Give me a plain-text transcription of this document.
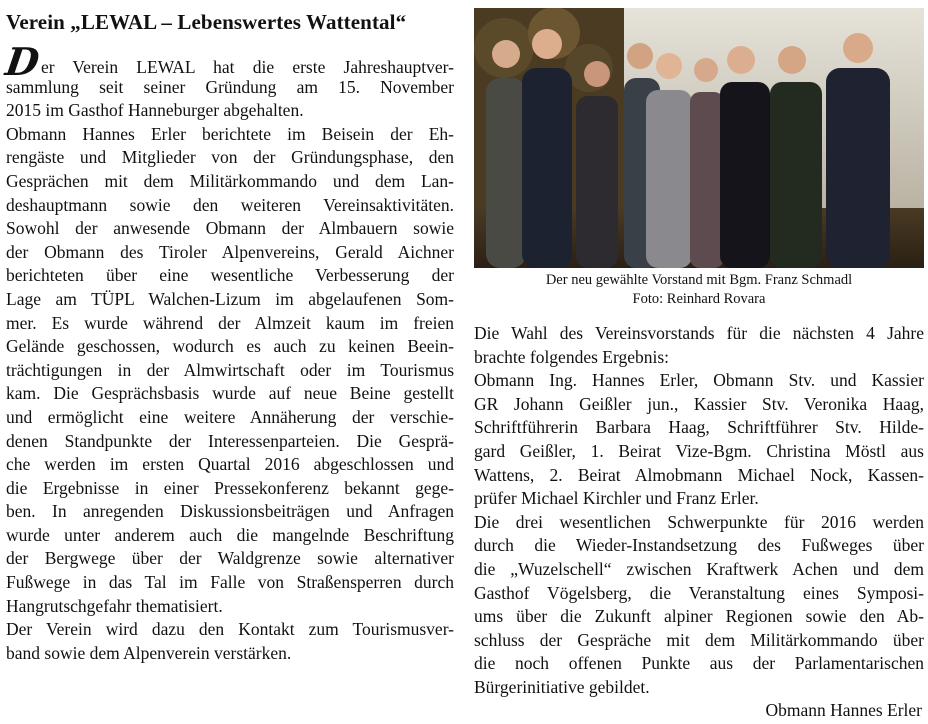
Verein „LEWAL – Lebenswertes Wattental“
Der Verein LEWAL hat die erste Jahreshauptver-
sammlung seit seiner Gründung am 15. November
2015 im Gasthof Hanneburger abgehalten.
Obmann Hannes Erler berichtete im Beisein der Eh-
rengäste und Mitglieder von der Gründungsphase, den
Gesprächen mit dem Militärkommando und dem Lan-
deshauptmann sowie den weiteren Vereinsaktivitäten.
Sowohl der anwesende Obmann der Almbauern sowie
der Obmann des Tiroler Alpenvereins, Gerald Aichner
berichteten über eine wesentliche Verbesserung der
Lage am TÜPL Walchen-Lizum im abgelaufenen Som-
mer. Es wurde während der Almzeit kaum im freien
Gelände geschossen, wodurch es auch zu keinen Beein-
trächtigungen in der Almwirtschaft oder im Tourismus
kam. Die Gesprächsbasis wurde auf neue Beine gestellt
und ermöglicht eine weitere Annäherung der verschie-
denen Standpunkte der Interessenparteien. Die Gesprä-
che werden im ersten Quartal 2016 abgeschlossen und
die Ergebnisse in einer Pressekonferenz bekannt gege-
ben. In anregenden Diskussionsbeiträgen und Anfragen
wurde unter anderem auch die mangelnde Beschriftung
der Bergwege über der Waldgrenze sowie alternativer
Fußwege in das Tal im Falle von Straßensperren durch
Hangrutschgefahr thematisiert.
Der Verein wird dazu den Kontakt zum Tourismusver-
band sowie dem Alpenverein verstärken.
Der neu gewählte Vorstand mit Bgm. Franz Schmadl
Foto: Reinhard Rovara
Die Wahl des Vereinsvorstands für die nächsten 4 Jahre
brachte folgendes Ergebnis:
Obmann Ing. Hannes Erler, Obmann Stv. und Kassier
GR Johann Geißler jun., Kassier Stv. Veronika Haag,
Schriftführerin Barbara Haag, Schriftführer Stv. Hilde-
gard Geißler, 1. Beirat Vize-Bgm. Christina Möstl aus
Wattens, 2. Beirat Almobmann Michael Nock, Kassen-
prüfer Michael Kirchler und Franz Erler.
Die drei wesentlichen Schwerpunkte für 2016 werden
durch die Wieder-Instandsetzung des Fußweges über
die „Wuzelschell“ zwischen Kraftwerk Achen und dem
Gasthof Vögelsberg, die Veranstaltung eines Symposi-
ums über die Zukunft alpiner Regionen sowie den Ab-
schluss der Gespräche mit dem Militärkommando über
die noch offenen Punkte aus der Parlamentarischen
Bürgerinitiative gebildet.
Obmann Hannes Erler
